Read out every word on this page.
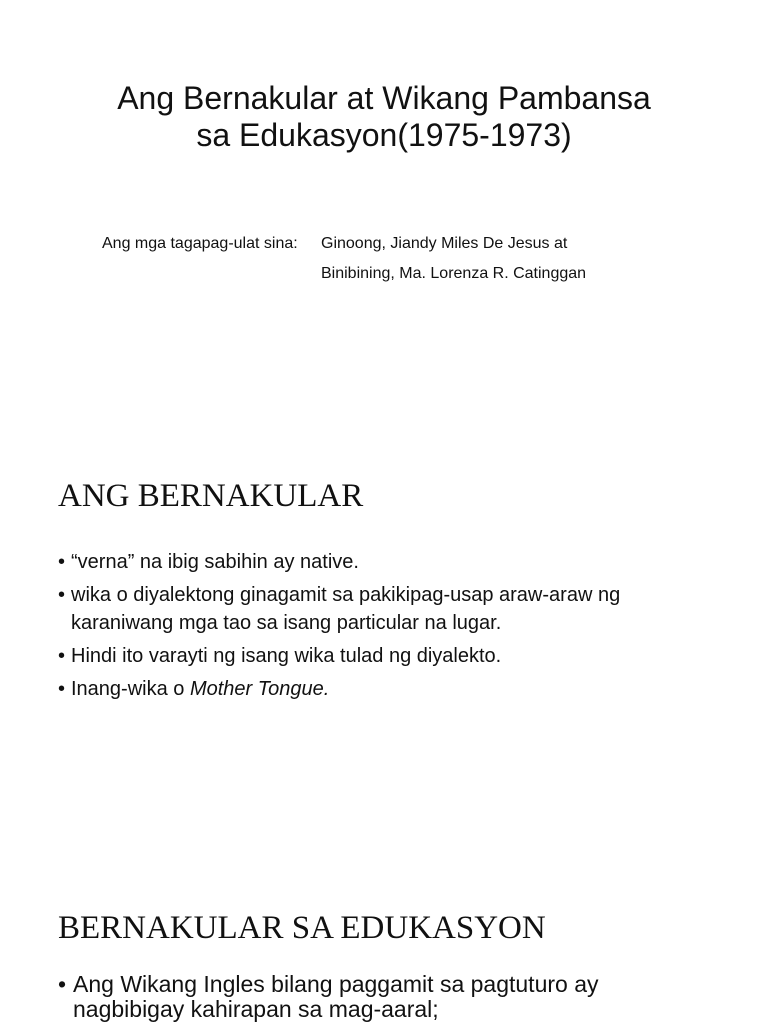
Ang Bernakular at Wikang Pambansa sa Edukasyon(1975-1973)
Ang mga tagapag-ulat sina:	Ginoong, Jiandy Miles De Jesus at
Binibining, Ma. Lorenza R. Catinggan
ANG BERNAKULAR
• “verna” na ibig sabihin ay native.
• wika o diyalektong ginagamit sa pakikipag-usap araw-araw ng karaniwang mga tao sa isang particular na lugar.
• Hindi ito varayti ng isang wika tulad ng diyalekto.
• Inang-wika o Mother Tongue.
BERNAKULAR SA EDUKASYON
• Ang Wikang Ingles bilang paggamit sa pagtuturo ay nagbibigay kahirapan sa mag-aaral;
